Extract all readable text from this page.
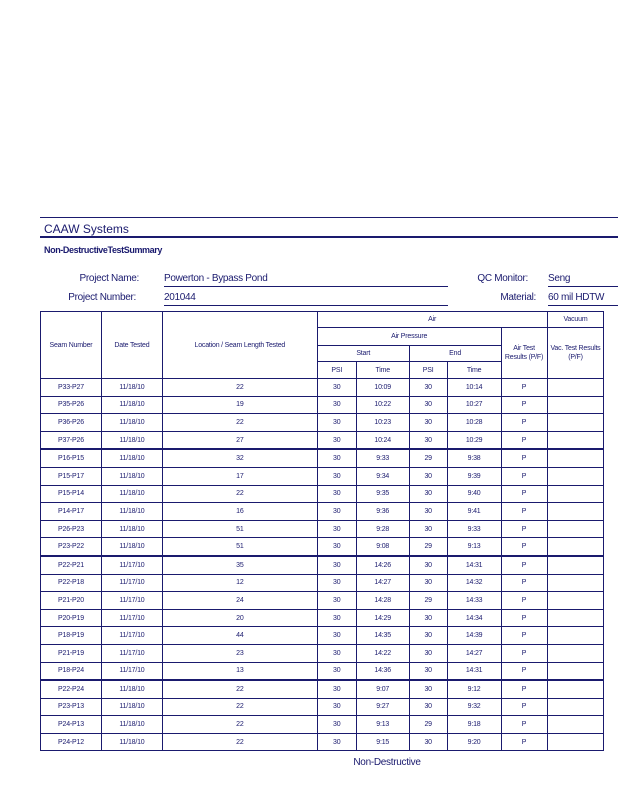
CAAW Systems
Non-DestructiveTestSummary
Project Name:	Powerton - Bypass Pond
Project Number:	201044
QC Monitor: Seng
Material: 60 mil HDTW
Seam Number	Date Tested	Location / Seam Length Tested	Air					Vacuum	
			Air Pressure				Air Test Results (P/F)	Vac. Test Results (P/F)	
			Start		End				
			PSI	Time	PSI	Time			
P33-P27	11/18/10	22	30	10:09	30	10:14	P		
P35-P26	11/18/10	19	30	10:22	30	10:27	P		
P36-P26	11/18/10	22	30	10:23	30	10:28	P		
P37-P26	11/18/10	27	30	10:24	30	10:29	P		
P16-P15	11/18/10	32	30	9:33	29	9:38	P		
P15-P17	11/18/10	17	30	9:34	30	9:39	P		
P15-P14	11/18/10	22	30	9:35	30	9:40	P		
P14-P17	11/18/10	16	30	9:36	30	9:41	P		
P26-P23	11/18/10	51	30	9:28	30	9:33	P		
P23-P22	11/18/10	51	30	9:08	29	9:13	P		
P22-P21	11/17/10	35	30	14:26	30	14:31	P		
P22-P18	11/17/10	12	30	14:27	30	14:32	P		
P21-P20	11/17/10	24	30	14:28	29	14:33	P		
P20-P19	11/17/10	20	30	14:29	30	14:34	P		
P18-P19	11/17/10	44	30	14:35	30	14:39	P		
P21-P19	11/17/10	23	30	14:22	30	14:27	P		
P18-P24	11/17/10	13	30	14:36	30	14:31	P		
P22-P24	11/18/10	22	30	9:07	30	9:12	P		
P23-P13	11/18/10	22	30	9:27	30	9:32	P		
P24-P13	11/18/10	22	30	9:13	29	9:18	P		
P24-P12	11/18/10	22	30	9:15	30	9:20	P		
Non-Destructive
